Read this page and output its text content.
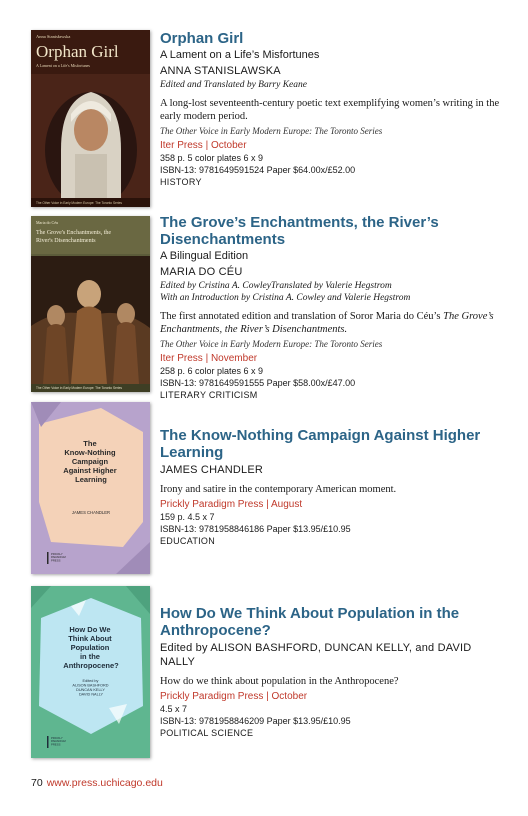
Anna Stanisławska
Orphan Girl
A Lament on a Life's Misfortunes
The Other Voice in Early Modern Europe: The Toronto Series
Orphan Girl
A Lament on a Life’s Misfortunes
ANNA STANISLAWSKA
Edited and Translated by Barry Keane
A long-lost seventeenth-century poetic text exemplifying women’s writing in the early modern period.
The Other Voice in Early Modern Europe: The Toronto Series
Iter Press | October
358 p. 5 color plates 6 x 9
ISBN-13: 9781649591524 Paper $64.00x/£52.00
HISTORY
Maria do Céu
The Grove's Enchantments, the River's Disenchantments
The Other Voice in Early Modern Europe: The Toronto Series
The Grove’s Enchantments, the River’s Disenchantments
A Bilingual Edition
MARIA DO CÉU
Edited by Cristina A. CowleyTranslated by Valerie Hegstrom
With an Introduction by Cristina A. Cowley and Valerie Hegstrom
The first annotated edition and translation of Soror Maria do Céu’s The Grove’s Enchantments, the River’s Disenchantments.
The Other Voice in Early Modern Europe: The Toronto Series
Iter Press | November
258 p. 6 color plates 6 x 9
ISBN-13: 9781649591555 Paper $58.00x/£47.00
LITERARY CRITICISM
The Know-Nothing Campaign Against Higher Learning
JAMES CHANDLER
PRICKLY PARADIGM PRESS
The Know-Nothing Campaign Against Higher Learning
JAMES CHANDLER
Irony and satire in the contemporary American moment.
Prickly Paradigm Press | August
159 p. 4.5 x 7
ISBN-13: 9781958846186 Paper $13.95/£10.95
EDUCATION
How Do We Think About Population in the Anthropocene?
Edited by ALISON BASHFORD DUNCAN KELLY DAVID NALLY
PRICKLY PARADIGM PRESS
How Do We Think About Population in the Anthropocene?
Edited by ALISON BASHFORD, DUNCAN KELLY, and DAVID NALLY
How do we think about population in the Anthropocene?
Prickly Paradigm Press | October
4.5 x 7
ISBN-13: 9781958846209 Paper $13.95/£10.95
POLITICAL SCIENCE
70 www.press.uchicago.edu
